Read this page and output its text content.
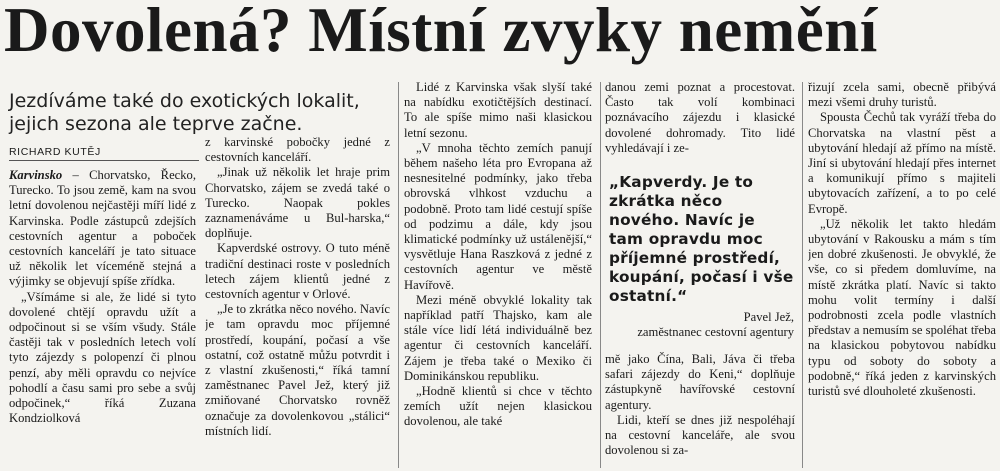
Dovolená? Místní zvyky nemění
Jezdíváme také do exotických lokalit, jejich sezona ale teprve začne.
RICHARD KUTĚJ

Karvinsko – Chorvatsko, Řecko, Turecko. To jsou země, kam na svou letní dovolenou nejčastěji míří lidé z Karvinska. Podle zástupců zdejších cestovních agentur a poboček cestovních kanceláří je tato situace už několik let víceméně stejná a výjimky se objevují spíše zřídka.

„Všímáme si ale, že lidé si tyto dovolené chtějí opravdu užít a odpočinout si se vším všudy. Stále častěji tak v posledních letech volí tyto zájezdy s polopenzí či plnou penzí, aby měli opravdu co nejvíce pohodlí a času sami pro sebe a svůj odpočinek,“ říká Zuzana Kondziolková

z karvinské pobočky jedné z cestovních kanceláří.

„Jinak už několik let hraje prim Chorvatsko, zájem se zvedá také o Turecko. Naopak pokles zaznamenáváme u Bul-harska,“ doplňuje.

Kapverdské ostrovy. O tuto méně tradiční destinaci roste v posledních letech zájem klientů jedné z cestovních agentur v Orlové.

„Je to zkrátka něco nového. Navíc je tam opravdu moc příjemné prostředí, koupání, počasí a vše ostatní, což ostatně můžu potvrdit i z vlastní zkušenosti,“ říká tamní zaměstnanec Pavel Jež, který již zmiňované Chorvatsko rovněž označuje za dovolenkovou „stálici“ místních lidí.

Lidé z Karvinska však slyší také na nabídku exotičtějších destinací. To ale spíše mimo naši klasickou letní sezonu.

„V mnoha těchto zemích panují během našeho léta pro Evropana až nesnesitelné podmínky, jako třeba obrovská vlhkost vzduchu a podobně. Proto tam lidé cestují spíše od podzimu a dále, kdy jsou klimatické podmínky už ustálenější,“ vysvětluje Hana Raszková z jedné z cestovních agentur ve městě Havířově.

Mezi méně obvyklé lokality tak například patří Thajsko, kam ale stále více lidí létá individuálně bez agentur či cestovních kanceláří. Zájem je třeba také o Mexiko či Dominikánskou republiku.

„Hodně klientů si chce v těchto zemích užít nejen klasickou dovolenou, ale také

danou zemi poznat a procestovat. Často tak volí kombinaci poznávacího zájezdu i klasické dovolené dohromady. Tito lidé vyhledávají i ze-

„Kapverdy. Je to zkrátka něco nového. Navíc je tam opravdu moc příjemné prostředí, koupání, počasí i vše ostatní.“
Pavel Jež,
zaměstnanec cestovní agentury

mě jako Čína, Bali, Jáva či třeba safari zájezdy do Keni,“ doplňuje zástupkyně havířovské cestovní agentury.

Lidi, kteří se dnes již nespoléhají na cestovní kanceláře, ale svou dovolenou si za-

řizují zcela sami, obecně přibývá mezi všemi druhy turistů.

Spousta Čechů tak vyráží třeba do Chorvatska na vlastní pěst a ubytování hledají až přímo na místě. Jiní si ubytování hledají přes internet a komunikují přímo s majiteli ubytovacích zařízení, a to po celé Evropě.

„Už několik let takto hledám ubytování v Rakousku a mám s tím jen dobré zkušenosti. Je obvyklé, že vše, co si předem domluvíme, na místě zkrátka platí. Navíc si takto mohu volit termíny i další podrobnosti zcela podle vlastních představ a nemusím se spoléhat třeba na klasickou pobytovou nabídku typu od soboty do soboty a podobně,“ říká jeden z karvinských turistů své dlouholeté zkušenosti.
